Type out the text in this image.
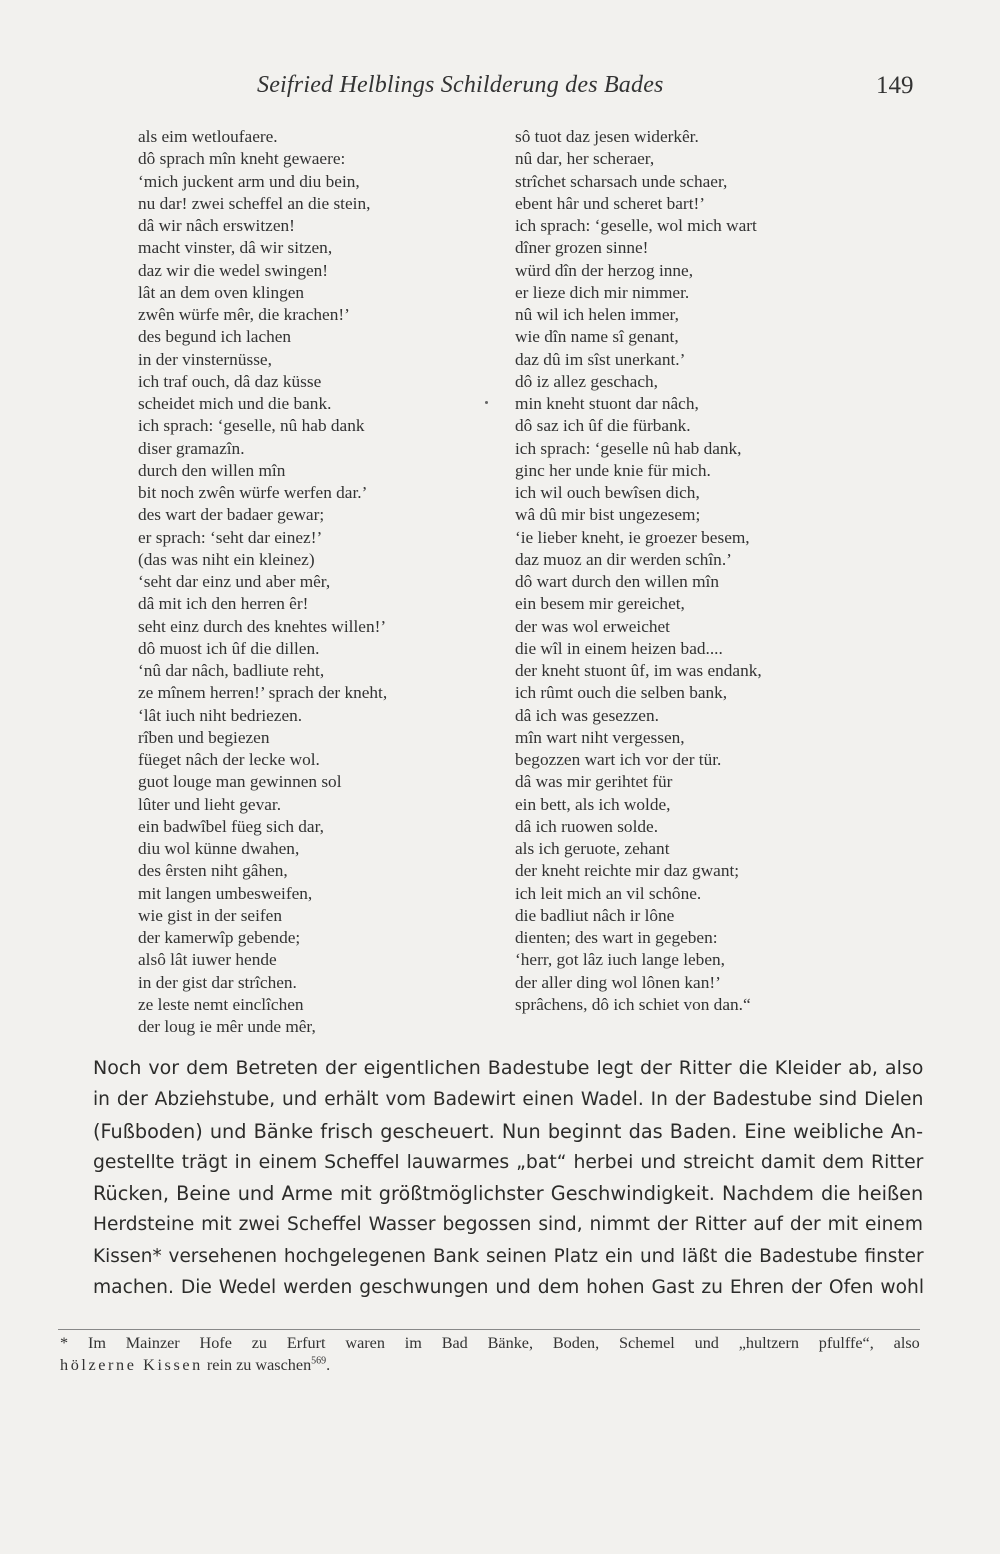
Seifried Helblings Schilderung des Bades	149
als eim wetloufaere.
dô sprach mîn kneht gewaere:
‘mich juckent arm und diu bein,
nu dar! zwei scheffel an die stein,
dâ wir nâch erswitzen!
macht vinster, dâ wir sitzen,
daz wir die wedel swingen!
lât an dem oven klingen
zwên würfe mêr, die krachen!’
des begund ich lachen
in der vinsternüsse,
ich traf ouch, dâ daz küsse
scheidet mich und die bank.
ich sprach: ‘geselle, nû hab dank
diser gramazîn.
durch den willen mîn
bit noch zwên würfe werfen dar.’
des wart der badaer gewar;
er sprach: ‘seht dar einez!’
(das was niht ein kleinez)
‘seht dar einz und aber mêr,
dâ mit ich den herren êr!
seht einz durch des knehtes willen!’
dô muost ich ûf die dillen.
‘nû dar nâch, badliute reht,
ze mînem herren!’ sprach der kneht,
‘lât iuch niht bedriezen.
rîben und begiezen
füeget nâch der lecke wol.
guot louge man gewinnen sol
lûter und lieht gevar.
ein badwîbel füeg sich dar,
diu wol künne dwahen,
des êrsten niht gâhen,
mit langen umbesweifen,
wie gist in der seifen
der kamerwîp gebende;
alsô lât iuwer hende
in der gist dar strîchen.
ze leste nemt einclîchen
der loug ie mêr unde mêr,
sô tuot daz jesen widerkêr.
nû dar, her scheraer,
strîchet scharsach unde schaer,
ebent hâr und scheret bart!’
ich sprach: ‘geselle, wol mich wart
dîner grozen sinne!
würd dîn der herzog inne,
er lieze dich mir nimmer.
nû wil ich helen immer,
wie dîn name sî genant,
daz dû im sîst unerkant.’
dô iz allez geschach,
min kneht stuont dar nâch,
dô saz ich ûf die fürbank.
ich sprach: ‘geselle nû hab dank,
ginc her unde knie für mich.
ich wil ouch bewîsen dich,
wâ dû mir bist ungezesem;
‘ie lieber kneht, ie groezer besem,
daz muoz an dir werden schîn.’
dô wart durch den willen mîn
ein besem mir gereichet,
der was wol erweichet
die wîl in einem heizen bad....
der kneht stuont ûf, im was endank,
ich rûmt ouch die selben bank,
dâ ich was gesezzen.
mîn wart niht vergessen,
begozzen wart ich vor der tür.
dâ was mir gerihtet für
ein bett, als ich wolde,
dâ ich ruowen solde.
als ich geruote, zehant
der kneht reichte mir daz gwant;
ich leit mich an vil schône.
die badliut nâch ir lône
dienten; des wart in gegeben:
‘herr, got lâz iuch lange leben,
der aller ding wol lônen kan!’
sprâchens, dô ich schiet von dan.“
Noch vor dem Betreten der eigentlichen Badestube legt der Ritter die Kleider ab, also
in der Abziehstube, und erhält vom Badewirt einen Wadel. In der Badestube sind Dielen
(Fußboden) und Bänke frisch gescheuert. Nun beginnt das Baden. Eine weibliche An-
gestellte trägt in einem Scheffel lauwarmes „bat“ herbei und streicht damit dem Ritter
Rücken, Beine und Arme mit größtmöglichster Geschwindigkeit. Nachdem die heißen
Herdsteine mit zwei Scheffel Wasser begossen sind, nimmt der Ritter auf der mit einem
Kissen* versehenen hochgelegenen Bank seinen Platz ein und läßt die Badestube finster
machen. Die Wedel werden geschwungen und dem hohen Gast zu Ehren der Ofen wohl
* Im Mainzer Hofe zu Erfurt waren im Bad Bänke, Boden, Schemel und „hultzern pfulffe“, also
hölzerne Kissen rein zu waschen$^{569}$.
